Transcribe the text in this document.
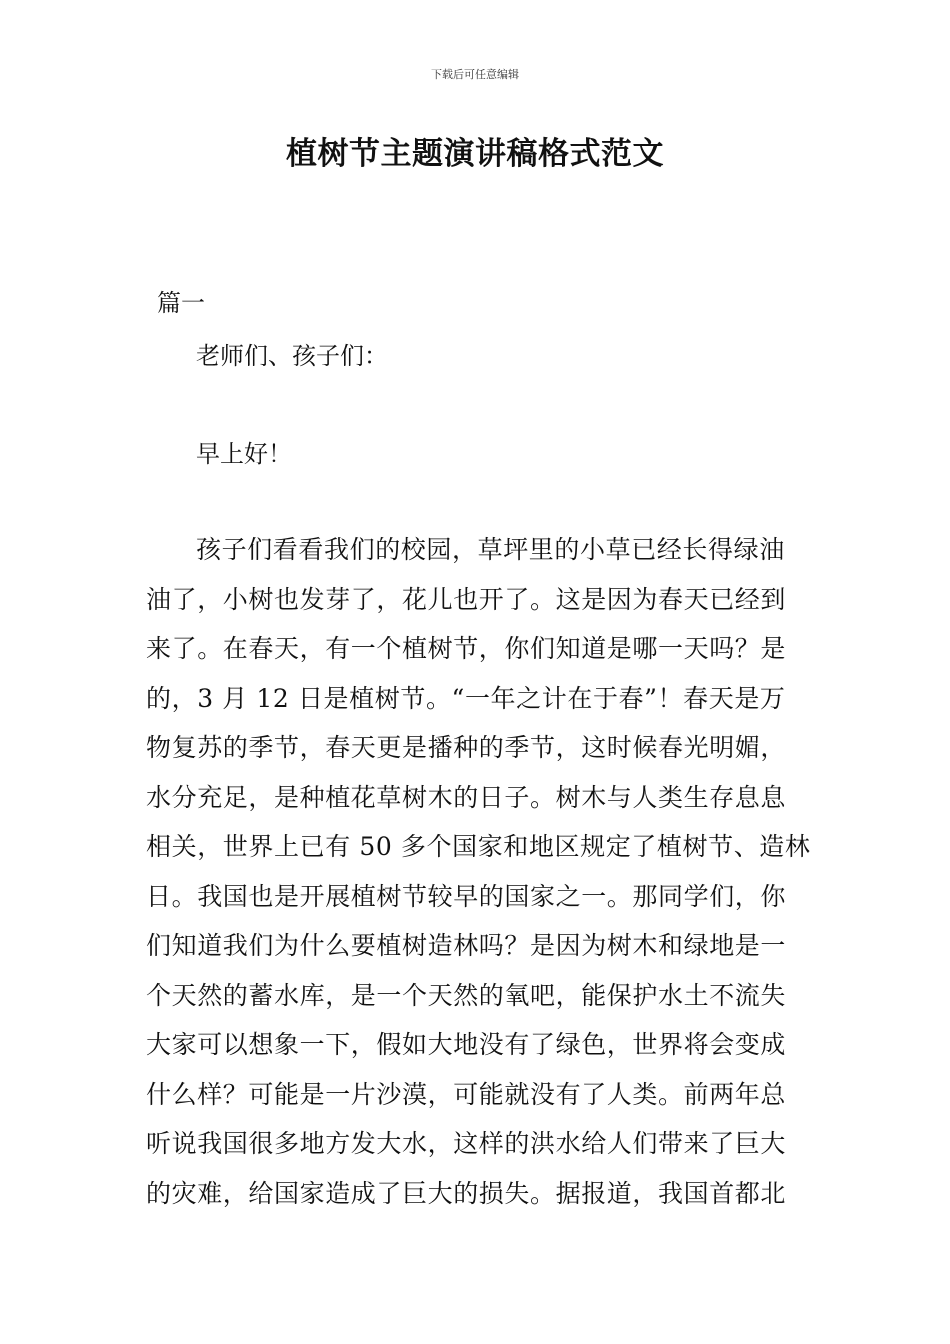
下载后可任意编辑
植树节主题演讲稿格式范文

篇一

老师们、孩子们：

早上好！

孩子们看看我们的校园，草坪里的小草已经长得绿油
油了，小树也发芽了，花儿也开了。这是因为春天已经到
来了。在春天，有一个植树节，你们知道是哪一天吗？是
的，3 月 12 日是植树节。“一年之计在于春”！春天是万
物复苏的季节，春天更是播种的季节，这时候春光明媚，
水分充足，是种植花草树木的日子。树木与人类生存息息
相关，世界上已有 50 多个国家和地区规定了植树节、造林
日。我国也是开展植树节较早的国家之一。那同学们，你
们知道我们为什么要植树造林吗？是因为树木和绿地是一
个天然的蓄水库，是一个天然的氧吧，能保护水土不流失
大家可以想象一下，假如大地没有了绿色，世界将会变成
什么样？可能是一片沙漠，可能就没有了人类。前两年总
听说我国很多地方发大水，这样的洪水给人们带来了巨大
的灾难，给国家造成了巨大的损失。据报道，我国首都北
